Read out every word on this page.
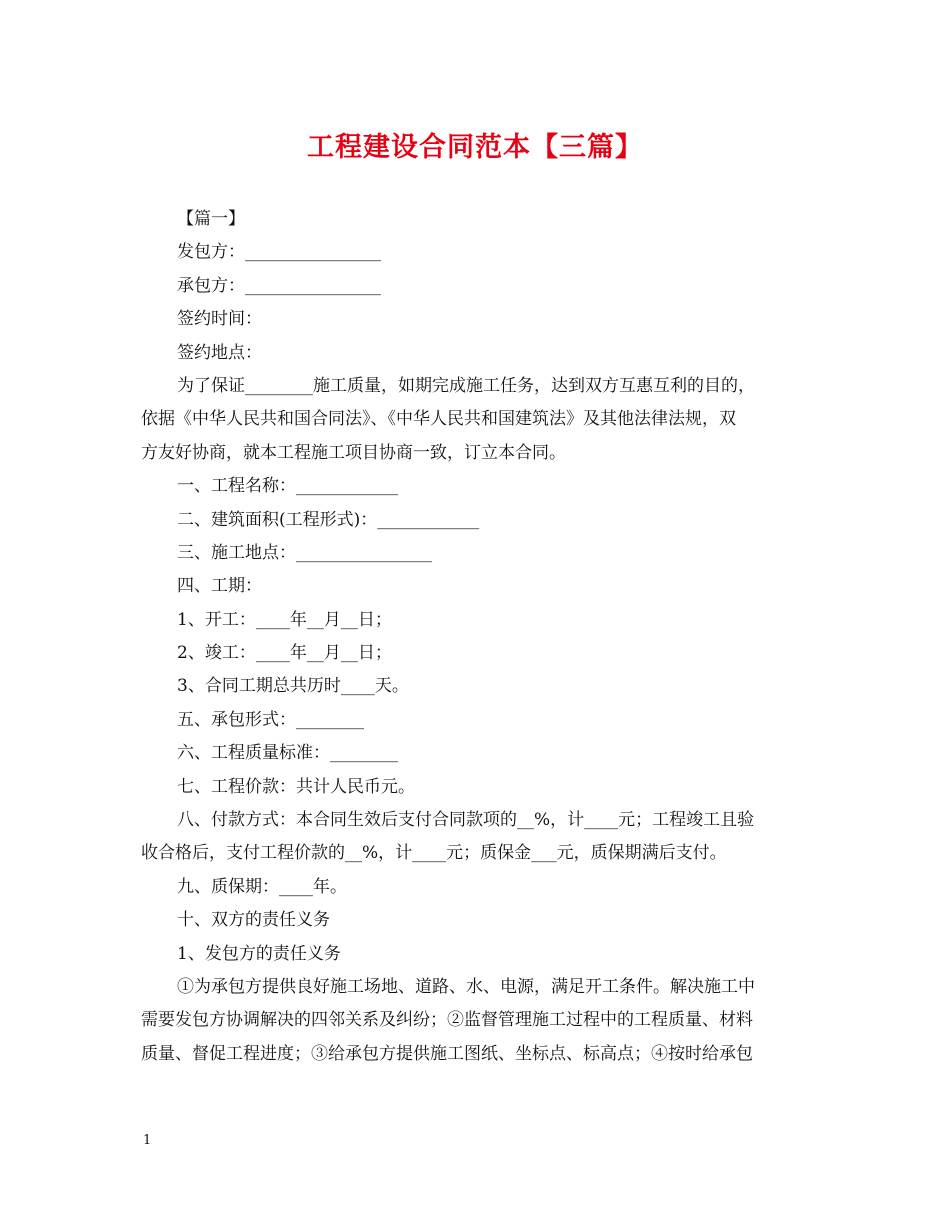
工程建设合同范本【三篇】
【篇一】
发包方：________________
承包方：________________
签约时间：
签约地点：
为了保证________施工质量，如期完成施工任务，达到双方互惠互利的目的，
依据《中华人民共和国合同法》、《中华人民共和国建筑法》及其他法律法规，双
方友好协商，就本工程施工项目协商一致，订立本合同。
一、工程名称：____________
二、建筑面积(工程形式)：____________
三、施工地点：________________
四、工期：
1、开工：____年__月__日；
2、竣工：____年__月__日；
3、合同工期总共历时____天。
五、承包形式：________
六、工程质量标准：________
七、工程价款：共计人民币元。
八、付款方式：本合同生效后支付合同款项的__%，计____元；工程竣工且验
收合格后，支付工程价款的__%，计____元；质保金___元，质保期满后支付。
九、质保期：____年。
十、双方的责任义务
1、发包方的责任义务
①为承包方提供良好施工场地、道路、水、电源，满足开工条件。解决施工中
需要发包方协调解决的四邻关系及纠纷；②监督管理施工过程中的工程质量、材料
质量、督促工程进度；③给承包方提供施工图纸、坐标点、标高点；④按时给承包
1
